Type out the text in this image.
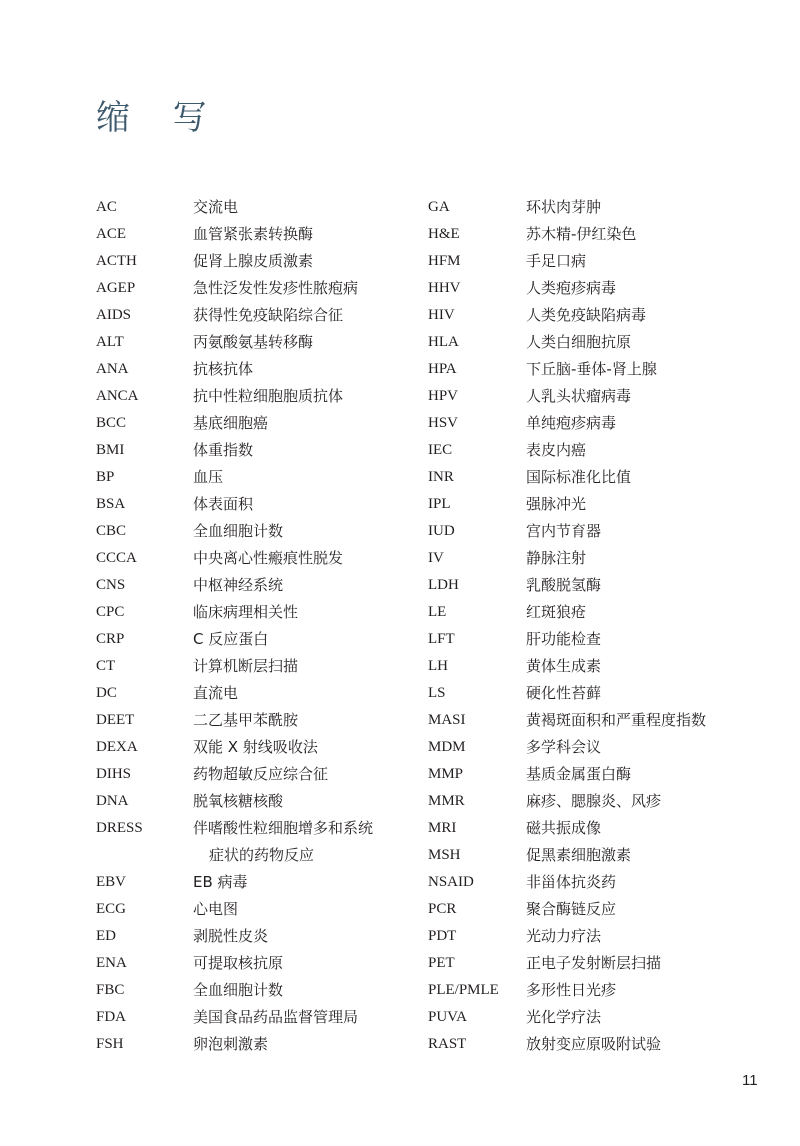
缩 写
AC	交流电
ACE	血管紧张素转换酶
ACTH	促肾上腺皮质激素
AGEP	急性泛发性发疹性脓疱病
AIDS	获得性免疫缺陷综合征
ALT	丙氨酸氨基转移酶
ANA	抗核抗体
ANCA	抗中性粒细胞胞质抗体
BCC	基底细胞癌
BMI	体重指数
BP	血压
BSA	体表面积
CBC	全血细胞计数
CCCA	中央离心性瘢痕性脱发
CNS	中枢神经系统
CPC	临床病理相关性
CRP	C 反应蛋白
CT	计算机断层扫描
DC	直流电
DEET	二乙基甲苯酰胺
DEXA	双能 X 射线吸收法
DIHS	药物超敏反应综合征
DNA	脱氧核糖核酸
DRESS	伴嗜酸性粒细胞增多和系统
症状的药物反应
EBV	EB 病毒
ECG	心电图
ED	剥脱性皮炎
ENA	可提取核抗原
FBC	全血细胞计数
FDA	美国食品药品监督管理局
FSH	卵泡刺激素
GA	环状肉芽肿
H&E	苏木精-伊红染色
HFM	手足口病
HHV	人类疱疹病毒
HIV	人类免疫缺陷病毒
HLA	人类白细胞抗原
HPA	下丘脑-垂体-肾上腺
HPV	人乳头状瘤病毒
HSV	单纯疱疹病毒
IEC	表皮内癌
INR	国际标准化比值
IPL	强脉冲光
IUD	宫内节育器
IV	静脉注射
LDH	乳酸脱氢酶
LE	红斑狼疮
LFT	肝功能检查
LH	黄体生成素
LS	硬化性苔藓
MASI	黄褐斑面积和严重程度指数
MDM	多学科会议
MMP	基质金属蛋白酶
MMR	麻疹、腮腺炎、风疹
MRI	磁共振成像
MSH	促黑素细胞激素
NSAID	非甾体抗炎药
PCR	聚合酶链反应
PDT	光动力疗法
PET	正电子发射断层扫描
PLE/PMLE	多形性日光疹
PUVA	光化学疗法
RAST	放射变应原吸附试验
11
